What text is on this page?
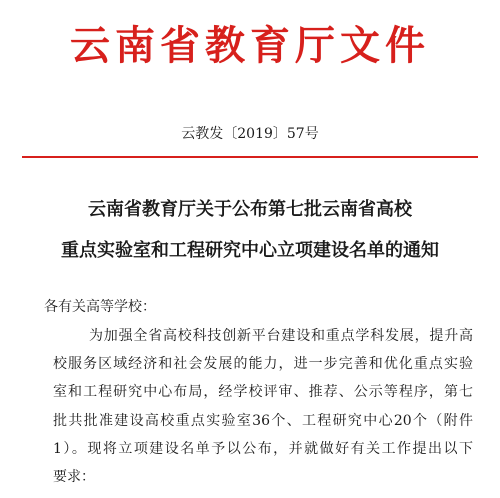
云南省教育厅文件
云教发〔2019〕57号
云南省教育厅关于公布第七批云南省高校
重点实验室和工程研究中心立项建设名单的通知
各有关高等学校：
为加强全省高校科技创新平台建设和重点学科发展，提升高
校服务区域经济和社会发展的能力，进一步完善和优化重点实验
室和工程研究中心布局，经学校评审、推荐、公示等程序，第七
批共批准建设高校重点实验室36个、工程研究中心20个（附件
1）。现将立项建设名单予以公布，并就做好有关工作提出以下
要求：
